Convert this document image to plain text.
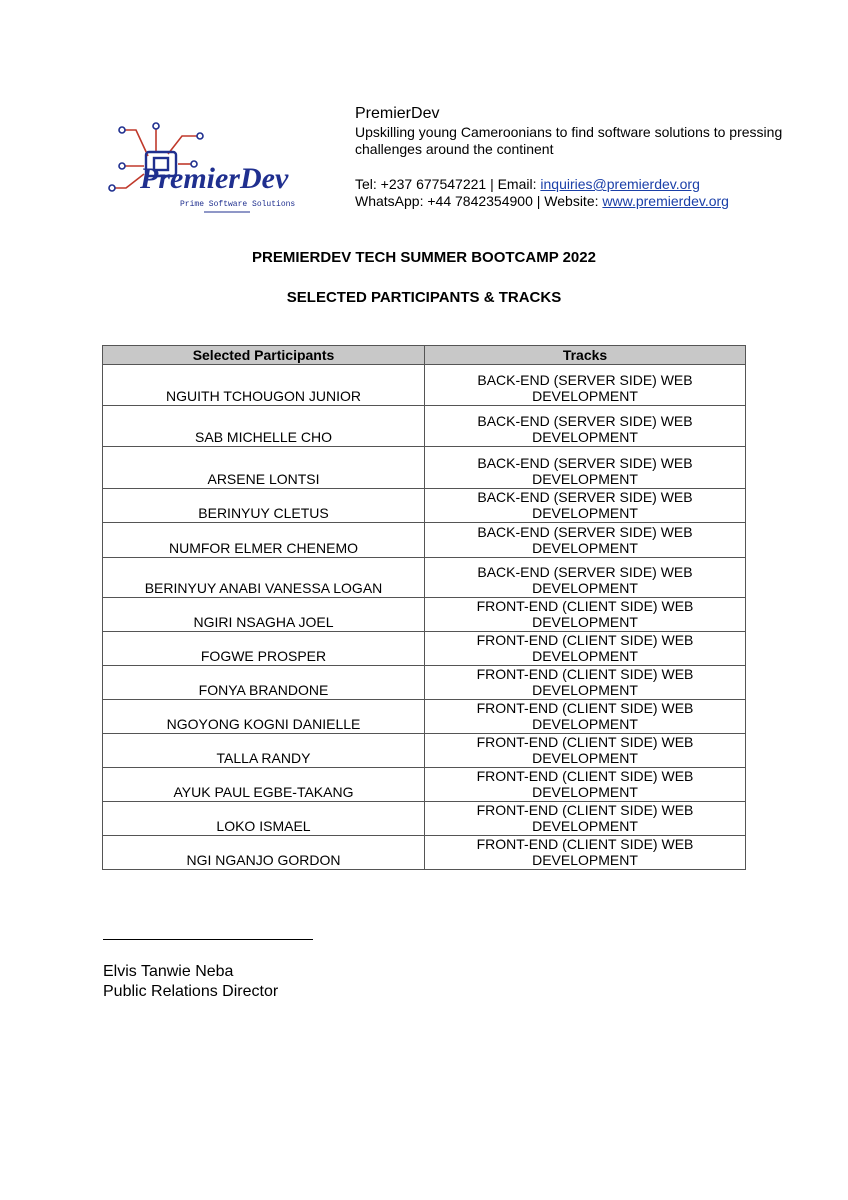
PremierDev
Prime Software Solutions
PremierDev
Upskilling young Cameroonians to find software solutions to pressing challenges around the continent
Tel: +237 677547221 | Email: inquiries@premierdev.org
WhatsApp: +44 7842354900 | Website: www.premierdev.org
PREMIERDEV TECH SUMMER BOOTCAMP 2022
SELECTED PARTICIPANTS & TRACKS
Selected Participants	Tracks
NGUITH TCHOUGON JUNIOR	BACK-END (SERVER SIDE) WEB DEVELOPMENT
SAB MICHELLE CHO	BACK-END (SERVER SIDE) WEB DEVELOPMENT
ARSENE LONTSI	BACK-END (SERVER SIDE) WEB DEVELOPMENT
BERINYUY CLETUS	BACK-END (SERVER SIDE) WEB DEVELOPMENT
NUMFOR ELMER CHENEMO	BACK-END (SERVER SIDE) WEB DEVELOPMENT
BERINYUY ANABI VANESSA LOGAN	BACK-END (SERVER SIDE) WEB DEVELOPMENT
NGIRI NSAGHA JOEL	FRONT-END (CLIENT SIDE) WEB DEVELOPMENT
FOGWE PROSPER	FRONT-END (CLIENT SIDE) WEB DEVELOPMENT
FONYA BRANDONE	FRONT-END (CLIENT SIDE) WEB DEVELOPMENT
NGOYONG KOGNI DANIELLE	FRONT-END (CLIENT SIDE) WEB DEVELOPMENT
TALLA RANDY	FRONT-END (CLIENT SIDE) WEB DEVELOPMENT
AYUK PAUL EGBE-TAKANG	FRONT-END (CLIENT SIDE) WEB DEVELOPMENT
LOKO ISMAEL	FRONT-END (CLIENT SIDE) WEB DEVELOPMENT
NGI NGANJO GORDON	FRONT-END (CLIENT SIDE) WEB DEVELOPMENT
Elvis Tanwie Neba
Public Relations Director
